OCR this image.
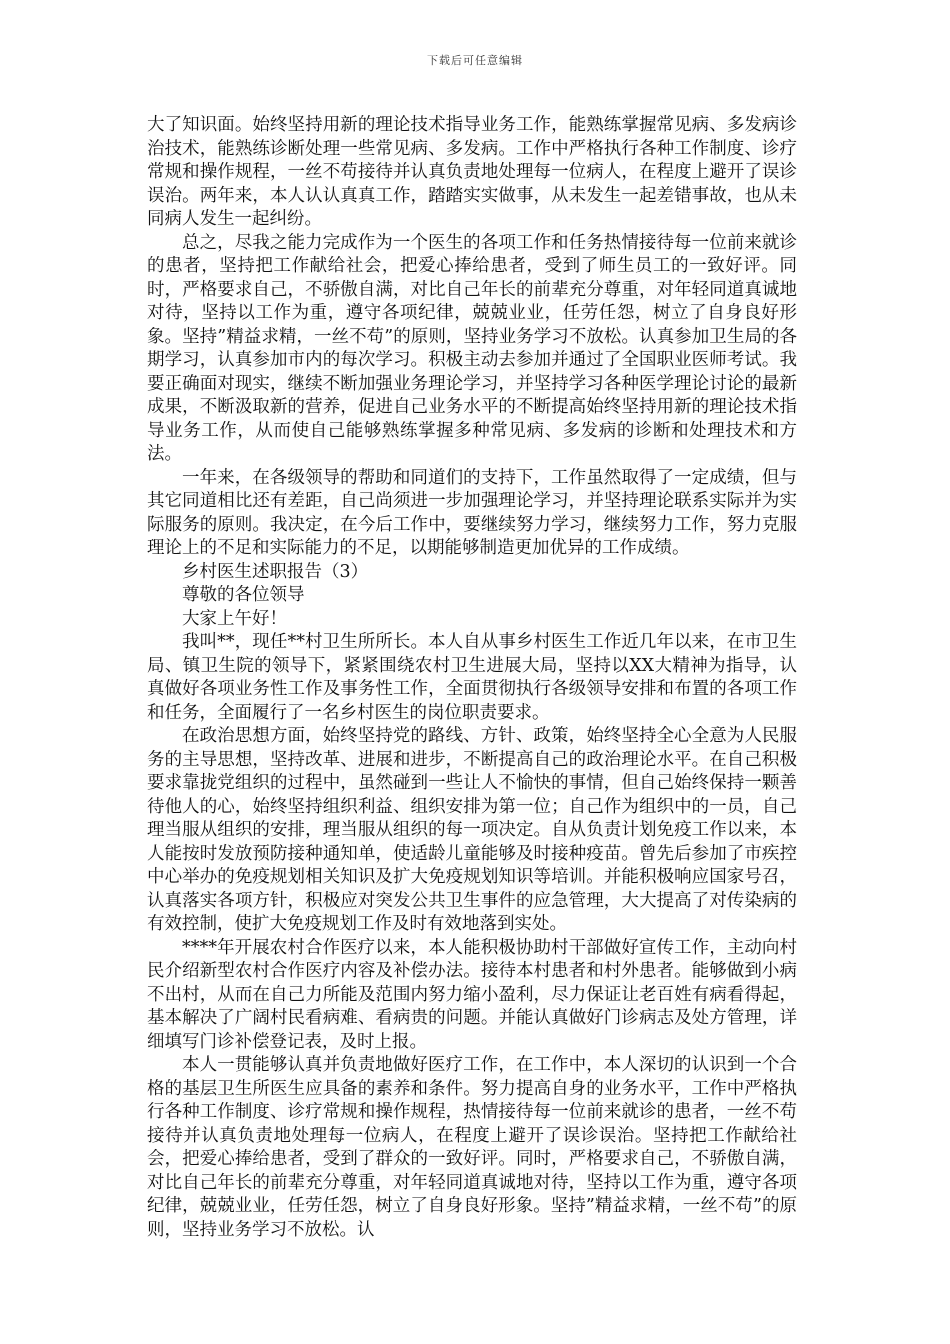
下载后可任意编辑

大了知识面。始终坚持用新的理论技术指导业务工作，能熟练掌握常见病、多发病诊治技术，能熟练诊断处理一些常见病、多发病。工作中严格执行各种工作制度、诊疗常规和操作规程，一丝不苟接待并认真负责地处理每一位病人，在程度上避开了误诊误治。两年来，本人认认真真工作，踏踏实实做事，从未发生一起差错事故，也从未同病人发生一起纠纷。

总之，尽我之能力完成作为一个医生的各项工作和任务热情接待每一位前来就诊的患者，坚持把工作献给社会，把爱心捧给患者，受到了师生员工的一致好评。同时，严格要求自己，不骄傲自满，对比自己年长的前辈充分尊重，对年轻同道真诚地对待，坚持以工作为重，遵守各项纪律，兢兢业业，任劳任怨，树立了自身良好形象。坚持”精益求精，一丝不苟”的原则，坚持业务学习不放松。认真参加卫生局的各期学习，认真参加市内的每次学习。积极主动去参加并通过了全国职业医师考试。我要正确面对现实，继续不断加强业务理论学习，并坚持学习各种医学理论讨论的最新成果，不断汲取新的营养，促进自己业务水平的不断提高始终坚持用新的理论技术指导业务工作，从而使自己能够熟练掌握多种常见病、多发病的诊断和处理技术和方法。

一年来，在各级领导的帮助和同道们的支持下，工作虽然取得了一定成绩，但与其它同道相比还有差距，自己尚须进一步加强理论学习，并坚持理论联系实际并为实际服务的原则。我决定，在今后工作中，要继续努力学习，继续努力工作，努力克服理论上的不足和实际能力的不足，以期能够制造更加优异的工作成绩。

乡村医生述职报告（3）

尊敬的各位领导

大家上午好！

我叫**，现任**村卫生所所长。本人自从事乡村医生工作近几年以来，在市卫生局、镇卫生院的领导下，紧紧围绕农村卫生进展大局，坚持以XX大精神为指导，认真做好各项业务性工作及事务性工作，全面贯彻执行各级领导安排和布置的各项工作和任务，全面履行了一名乡村医生的岗位职责要求。

在政治思想方面，始终坚持党的路线、方针、政策，始终坚持全心全意为人民服务的主导思想，坚持改革、进展和进步，不断提高自己的政治理论水平。在自己积极要求靠拢党组织的过程中，虽然碰到一些让人不愉快的事情，但自己始终保持一颗善待他人的心，始终坚持组织利益、组织安排为第一位；自己作为组织中的一员，自己理当服从组织的安排，理当服从组织的每一项决定。自从负责计划免疫工作以来，本人能按时发放预防接种通知单，使适龄儿童能够及时接种疫苗。曾先后参加了市疾控中心举办的免疫规划相关知识及扩大免疫规划知识等培训。并能积极响应国家号召，认真落实各项方针，积极应对突发公共卫生事件的应急管理，大大提高了对传染病的有效控制，使扩大免疫规划工作及时有效地落到实处。

****年开展农村合作医疗以来，本人能积极协助村干部做好宣传工作，主动向村民介绍新型农村合作医疗内容及补偿办法。接待本村患者和村外患者。能够做到小病不出村，从而在自己力所能及范围内努力缩小盈利，尽力保证让老百姓有病看得起，基本解决了广阔村民看病难、看病贵的问题。并能认真做好门诊病志及处方管理，详细填写门诊补偿登记表，及时上报。

本人一贯能够认真并负责地做好医疗工作，在工作中，本人深切的认识到一个合格的基层卫生所医生应具备的素养和条件。努力提高自身的业务水平，工作中严格执行各种工作制度、诊疗常规和操作规程，热情接待每一位前来就诊的患者，一丝不苟接待并认真负责地处理每一位病人，在程度上避开了误诊误治。坚持把工作献给社会，把爱心捧给患者，受到了群众的一致好评。同时，严格要求自己，不骄傲自满，对比自己年长的前辈充分尊重，对年轻同道真诚地对待，坚持以工作为重，遵守各项纪律，兢兢业业，任劳任怨，树立了自身良好形象。坚持”精益求精，一丝不苟”的原则，坚持业务学习不放松。认
